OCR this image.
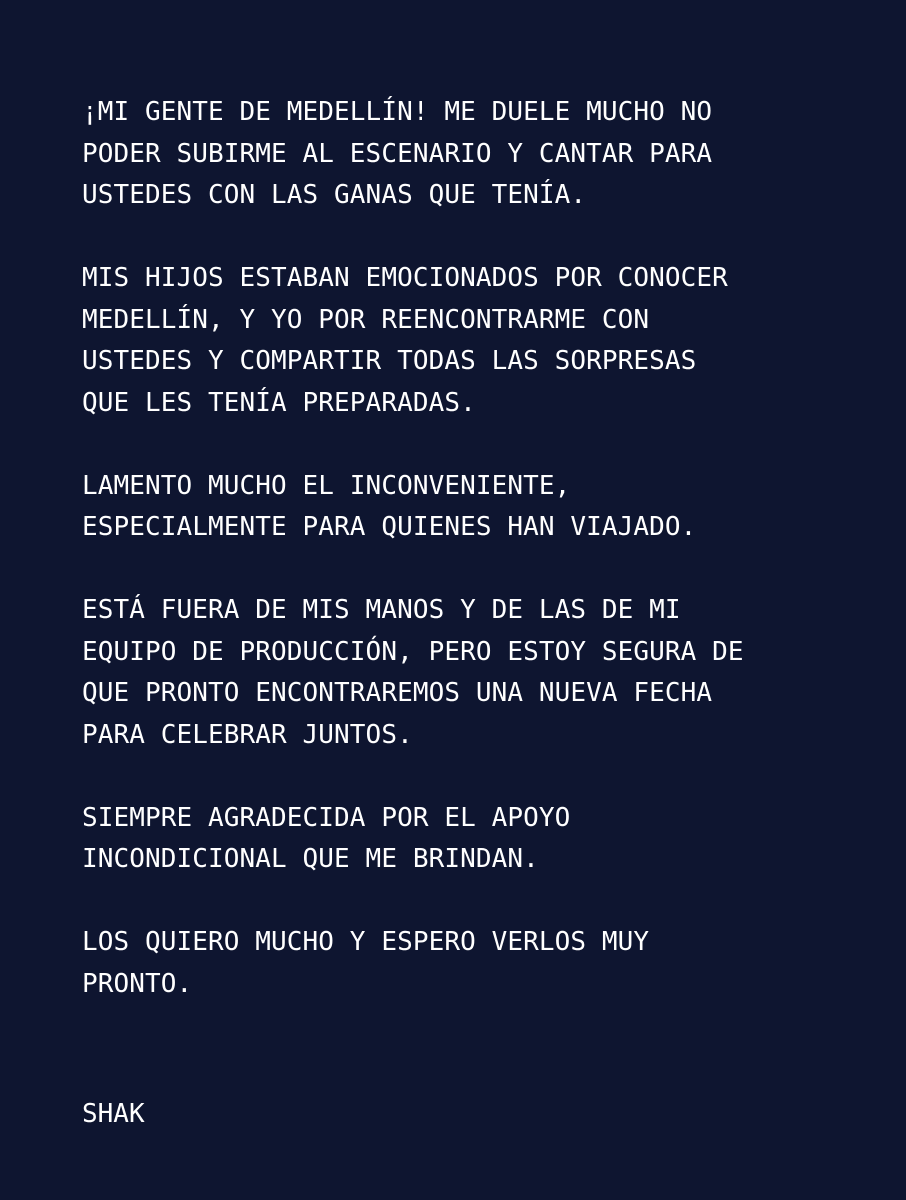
¡MI GENTE DE MEDELLÍN! ME DUELE MUCHO NO
PODER SUBIRME AL ESCENARIO Y CANTAR PARA
USTEDES CON LAS GANAS QUE TENÍA.

MIS HIJOS ESTABAN EMOCIONADOS POR CONOCER
MEDELLÍN, Y YO POR REENCONTRARME CON
USTEDES Y COMPARTIR TODAS LAS SORPRESAS
QUE LES TENÍA PREPARADAS.

LAMENTO MUCHO EL INCONVENIENTE,
ESPECIALMENTE PARA QUIENES HAN VIAJADO.

ESTÁ FUERA DE MIS MANOS Y DE LAS DE MI
EQUIPO DE PRODUCCIÓN, PERO ESTOY SEGURA DE
QUE PRONTO ENCONTRAREMOS UNA NUEVA FECHA
PARA CELEBRAR JUNTOS.

SIEMPRE AGRADECIDA POR EL APOYO
INCONDICIONAL QUE ME BRINDAN.

LOS QUIERO MUCHO Y ESPERO VERLOS MUY
PRONTO.

SHAK
